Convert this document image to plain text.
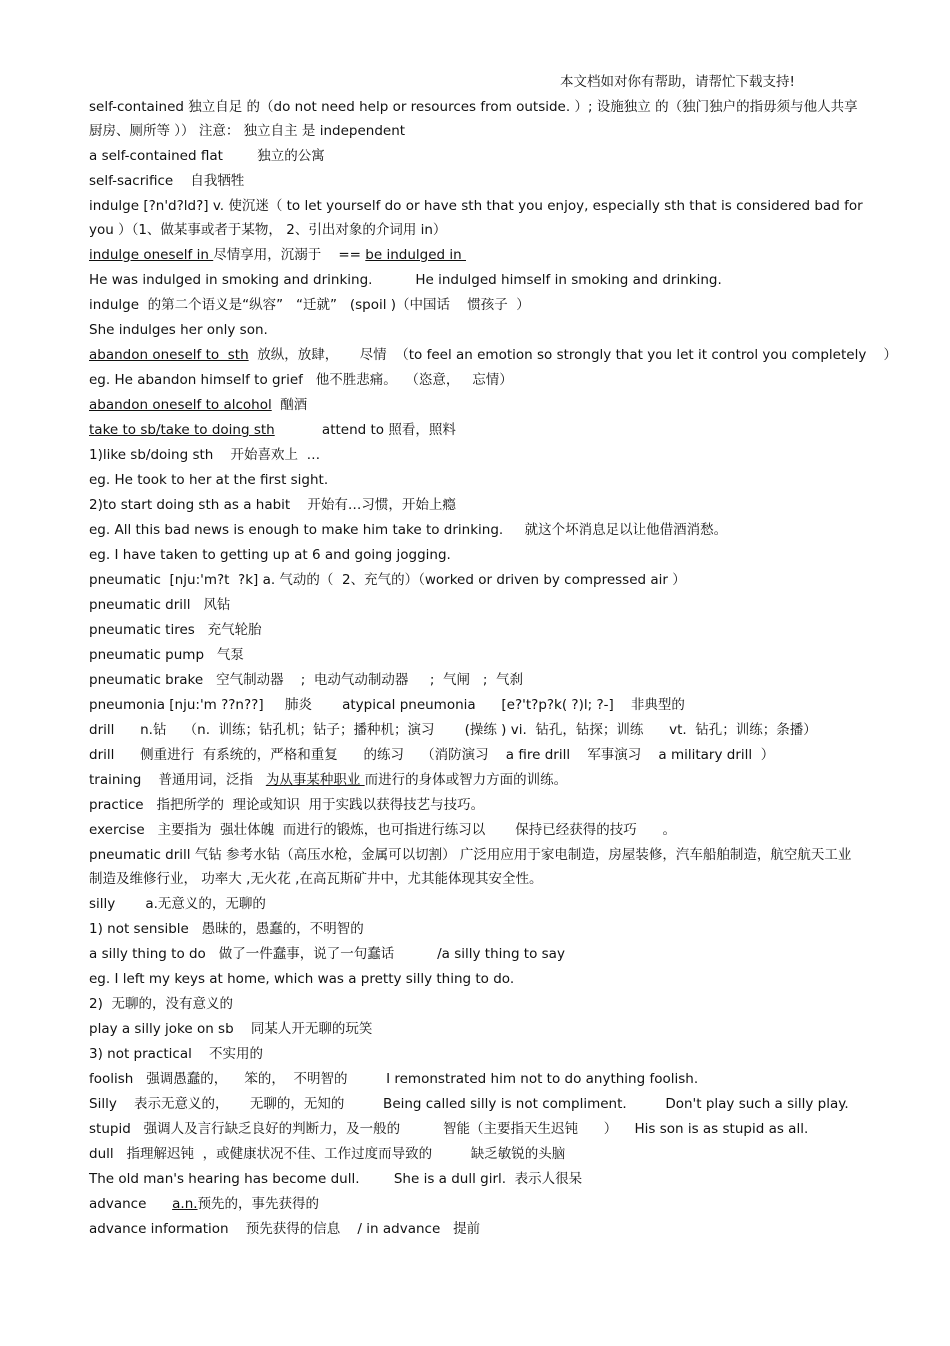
本文档如对你有帮助，请帮忙下载支持!
self-contained 独立自足 的（do not need help or resources from outside. ）; 设施独立 的（独门独户的指毋须与他人共享厨房、厕所等 ）） 注意： 独立自主 是 independent
a self-contained flat        独立的公寓
self-sacrifice    自我牺牲
indulge [?n'd?ld?] v. 使沉迷（ to let yourself do or have sth that you enjoy, especially sth that is considered bad for you ）（1、做某事或者于某物， 2、引出对象的介词用 in）
indulge oneself in 尽情享用，沉溺于    == be indulged in
He was indulged in smoking and drinking.          He indulged himself in smoking and drinking.
indulge  的第二个语义是“纵容”   “迁就”   (spoil )（中国话    惯孩子  ）
She indulges her only son.
abandon oneself to  sth  放纵，放肆，     尽情  （to feel an emotion so strongly that you let it control you completely    ）
eg. He abandon himself to grief   他不胜悲痛。  （恣意，   忘情）
abandon oneself to alcohol  酗酒
take to sb/take to doing sth           attend to 照看，照料
1)like sb/doing sth    开始喜欢上  …
eg. He took to her at the first sight.
2)to start doing sth as a habit    开始有…习惯，开始上瘾
eg. All this bad news is enough to make him take to drinking.     就这个坏消息足以让他借酒消愁。
eg. I have taken to getting up at 6 and going jogging.
pneumatic  [nju:'m?t  ?k] a. 气动的（  2、充气的）（worked or driven by compressed air ）
pneumatic drill   风钻
pneumatic tires   充气轮胎
pneumatic pump   气泵
pneumatic brake   空气制动器    ;  电动气动制动器     ;  气闸   ;  气刹
pneumonia [nju:'m ??n??]     肺炎       atypical pneumonia      [e?'t?p?k( ?)l; ?-]    非典型的
drill      n.钻    （n.  训练；钻孔机；钻子；播种机；演习       (操练 ) vi.  钻孔，钻探；训练      vt.  钻孔；训练；条播）
drill      侧重进行  有系统的，严格和重复      的练习    （消防演习    a fire drill    军事演习    a military drill  ）
training    普通用词，泛指   为从事某种职业 而进行的身体或智力方面的训练。
practice   指把所学的  理论或知识  用于实践以获得技艺与技巧。
exercise   主要指为  强壮体魄  而进行的锻炼，也可指进行练习以       保持已经获得的技巧      。
pneumatic drill 气钻 参考水钻（高压水枪，金属可以切割） 广泛用应用于家电制造，房屋装修，汽车船舶制造，航空航天工业制造及维修行业， 功率大 ,无火花 ,在高瓦斯矿井中，尤其能体现其安全性。
silly       a.无意义的，无聊的
1) not sensible   愚昧的，愚蠢的，不明智的
a silly thing to do   做了一件蠢事，说了一句蠢话          /a silly thing to say
eg. I left my keys at home, which was a pretty silly thing to do.
2)  无聊的，没有意义的
play a silly joke on sb    同某人开无聊的玩笑
3) not practical    不实用的
foolish   强调愚蠢的，    笨的，  不明智的         I remonstrated him not to do anything foolish.
Silly    表示无意义的，     无聊的，无知的         Being called silly is not compliment.         Don't play such a silly play.
stupid   强调人及言行缺乏良好的判断力，及一般的          智能（主要指天生迟钝      ）    His son is as stupid as all.
dull   指理解迟钝  ，或健康状况不佳、工作过度而导致的         缺乏敏锐的头脑
The old man's hearing has become dull.        She is a dull girl.  表示人很呆
advance      a.n.预先的，事先获得的
advance information    预先获得的信息    / in advance   提前
